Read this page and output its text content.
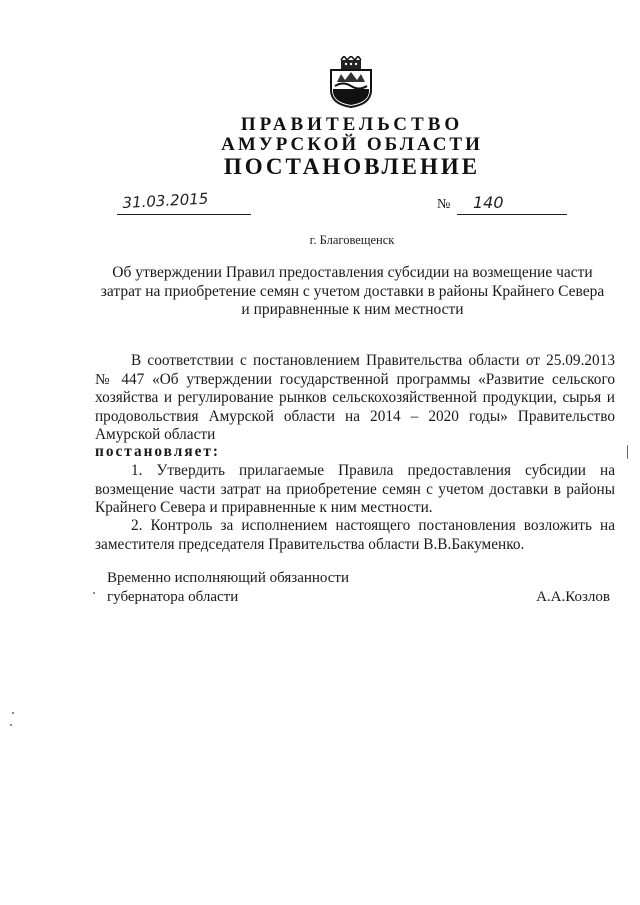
ПРАВИТЕЛЬСТВО
АМУРСКОЙ ОБЛАСТИ
ПОСТАНОВЛЕНИЕ
31.03.2015	№ 140
г. Благовещенск
Об утверждении Правил предоставления субсидии на возмещение части затрат на приобретение семян с учетом доставки в районы Крайнего Севера и приравненные к ним местности
В соответствии с постановлением Правительства области от 25.09.2013 № 447 «Об утверждении государственной программы «Развитие сельского хозяйства и регулирование рынков сельскохозяйственной продукции, сырья и продовольствия Амурской области на 2014 – 2020 годы» Правительство Амурской области
постановляет:
1. Утвердить прилагаемые Правила предоставления субсидии на возмещение части затрат на приобретение семян с учетом доставки в районы Крайнего Севера и приравненные к ним местности.
2. Контроль за исполнением настоящего постановления возложить на заместителя председателя Правительства области В.В.Бакуменко.
Временно исполняющий обязанности
губернатора области	А.А.Козлов
